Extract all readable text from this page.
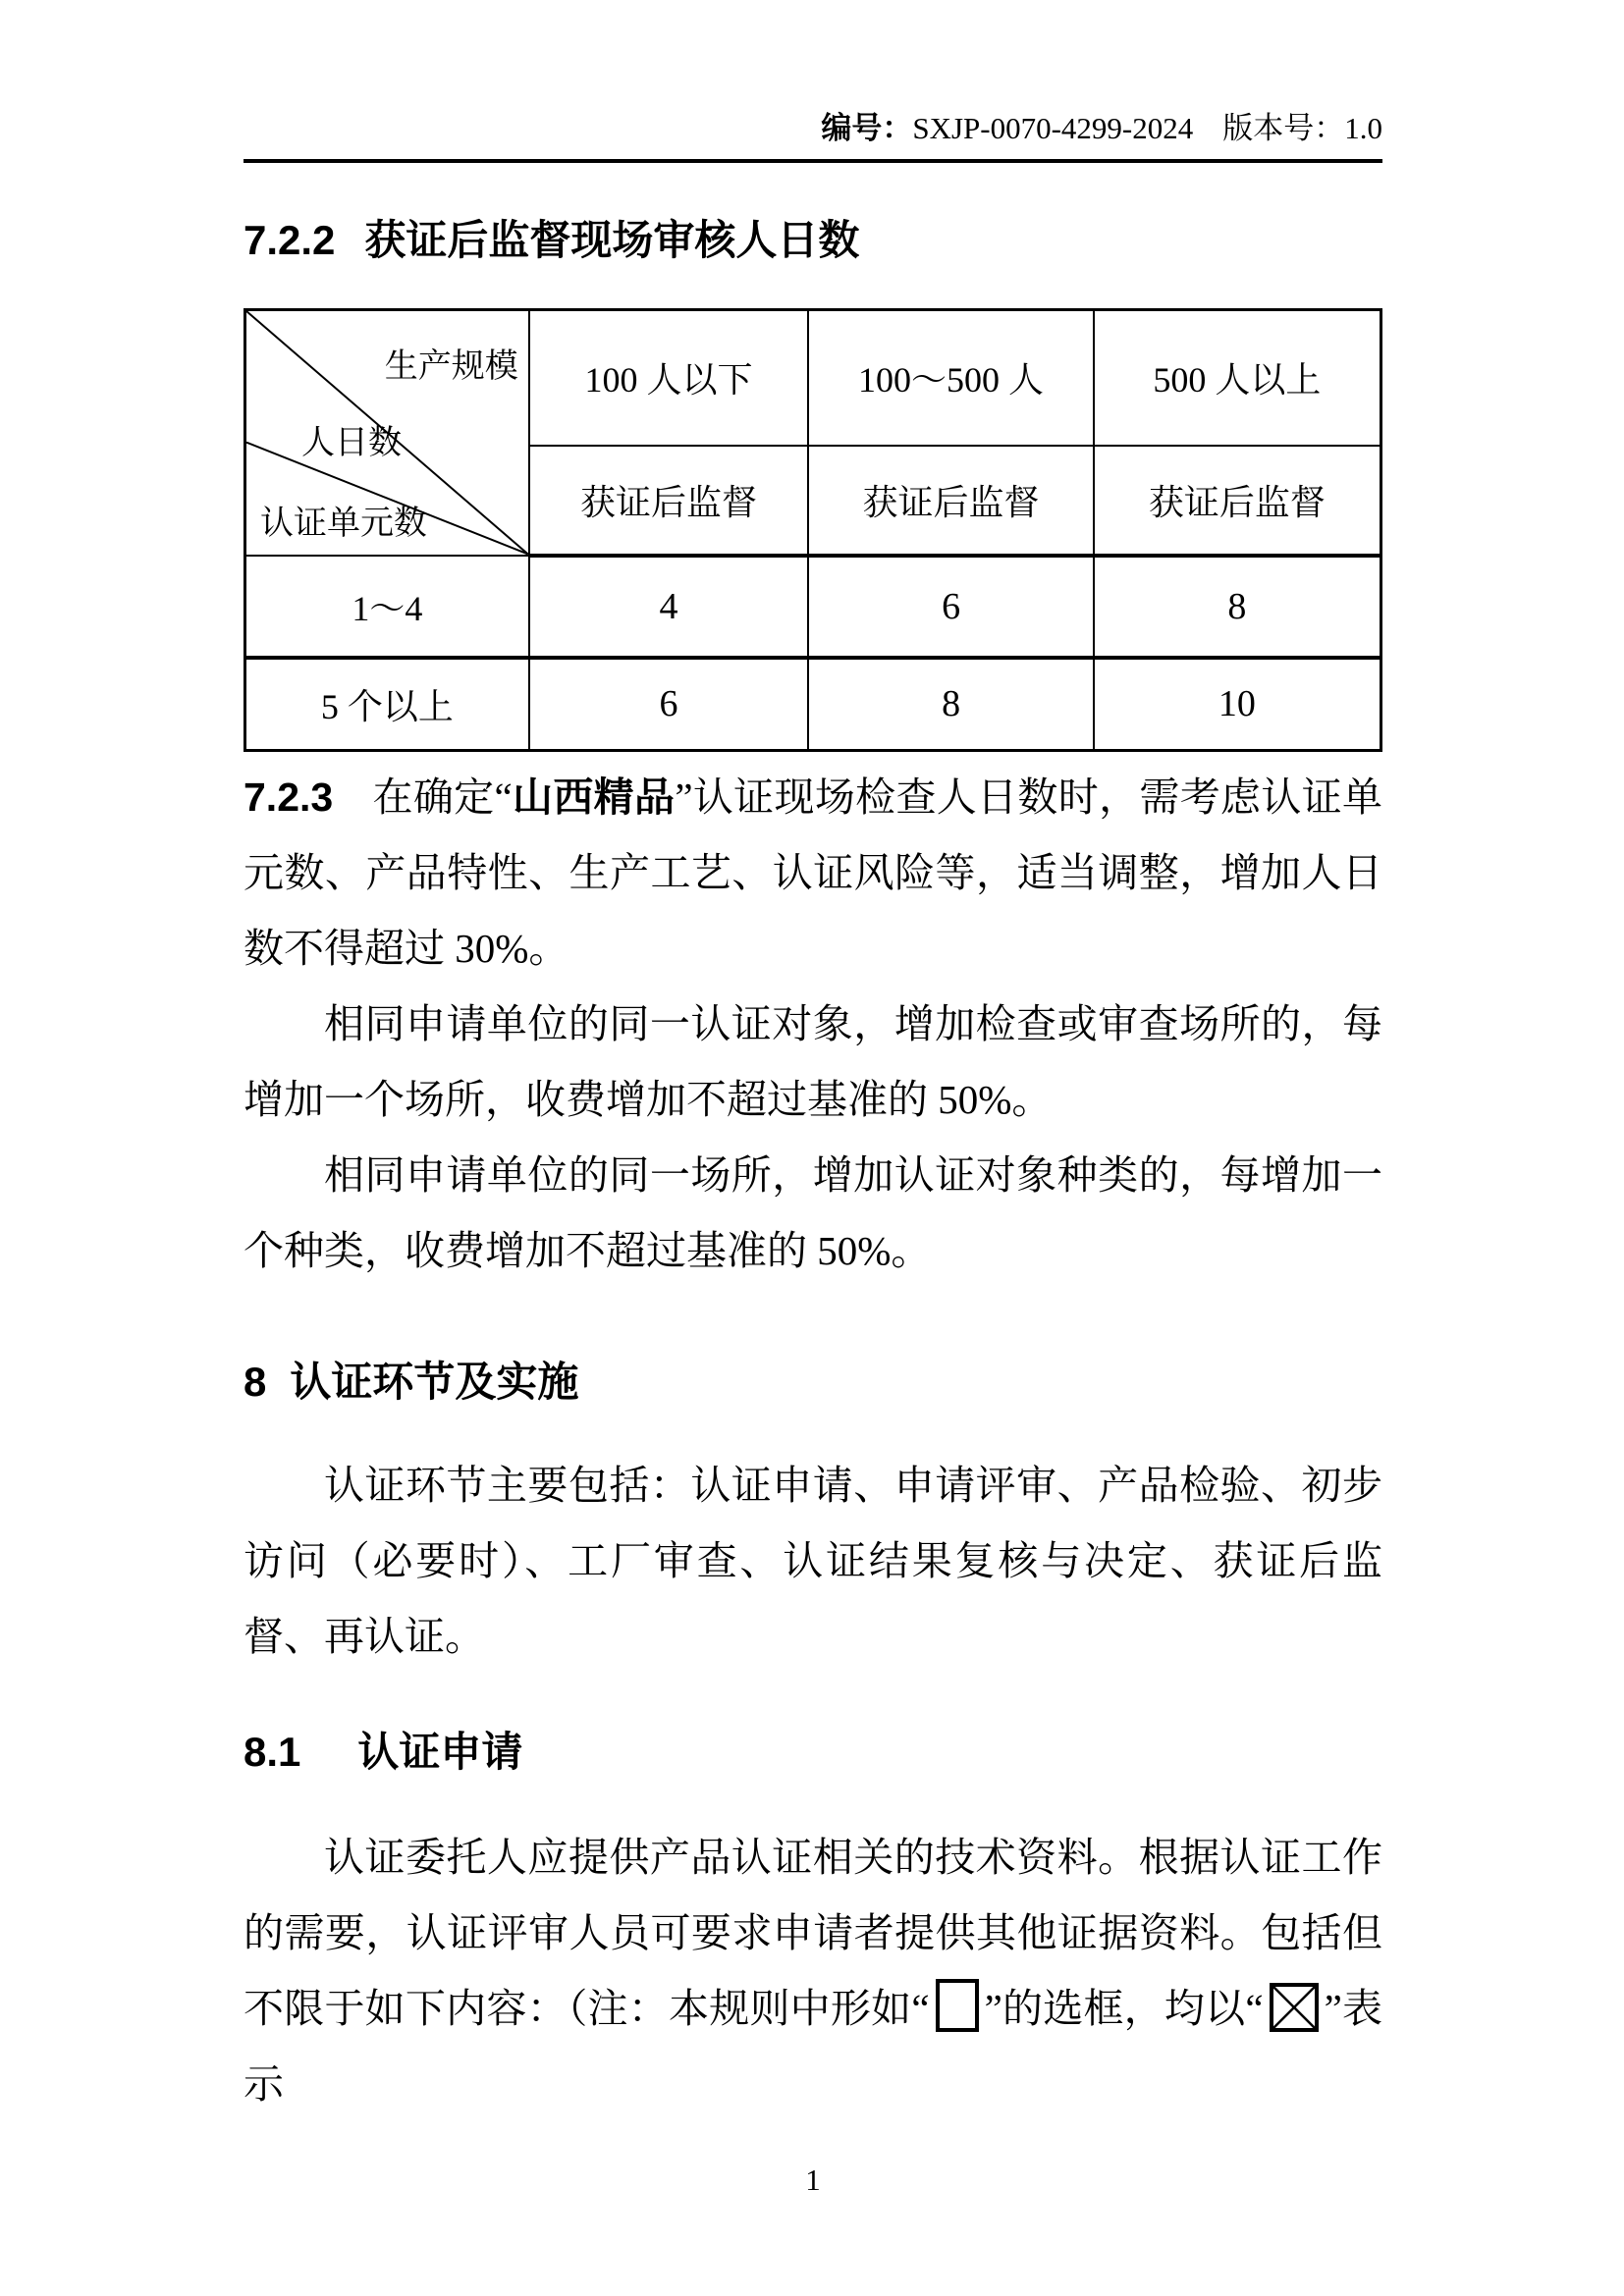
编号：SXJP-0070-4299-2024 版本号：1.0
7.2.2 获证后监督现场审核人日数
生产规模
人日数
认证单元数	100 人以下	100～500 人	500 人以上
	获证后监督	获证后监督	获证后监督
1～4	4	6	8
5 个以上	6	8	10

7.2.3 在确定“山西精品”认证现场检查人日数时，需考虑认证单元数、产品特性、生产工艺、认证风险等，适当调整，增加人日数不得超过 30%。

相同申请单位的同一认证对象，增加检查或审查场所的，每增加一个场所，收费增加不超过基准的 50%。

相同申请单位的同一场所，增加认证对象种类的，每增加一个种类，收费增加不超过基准的 50%。

8 认证环节及实施

认证环节主要包括：认证申请、申请评审、产品检验、初步访问（必要时）、工厂审查、认证结果复核与决定、获证后监督、再认证。

8.1 认证申请

认证委托人应提供产品认证相关的技术资料。根据认证工作的需要，认证评审人员可要求申请者提供其他证据资料。包括但不限于如下内容：（注：本规则中形如“ ”的选框，均以“ ”表示

1
